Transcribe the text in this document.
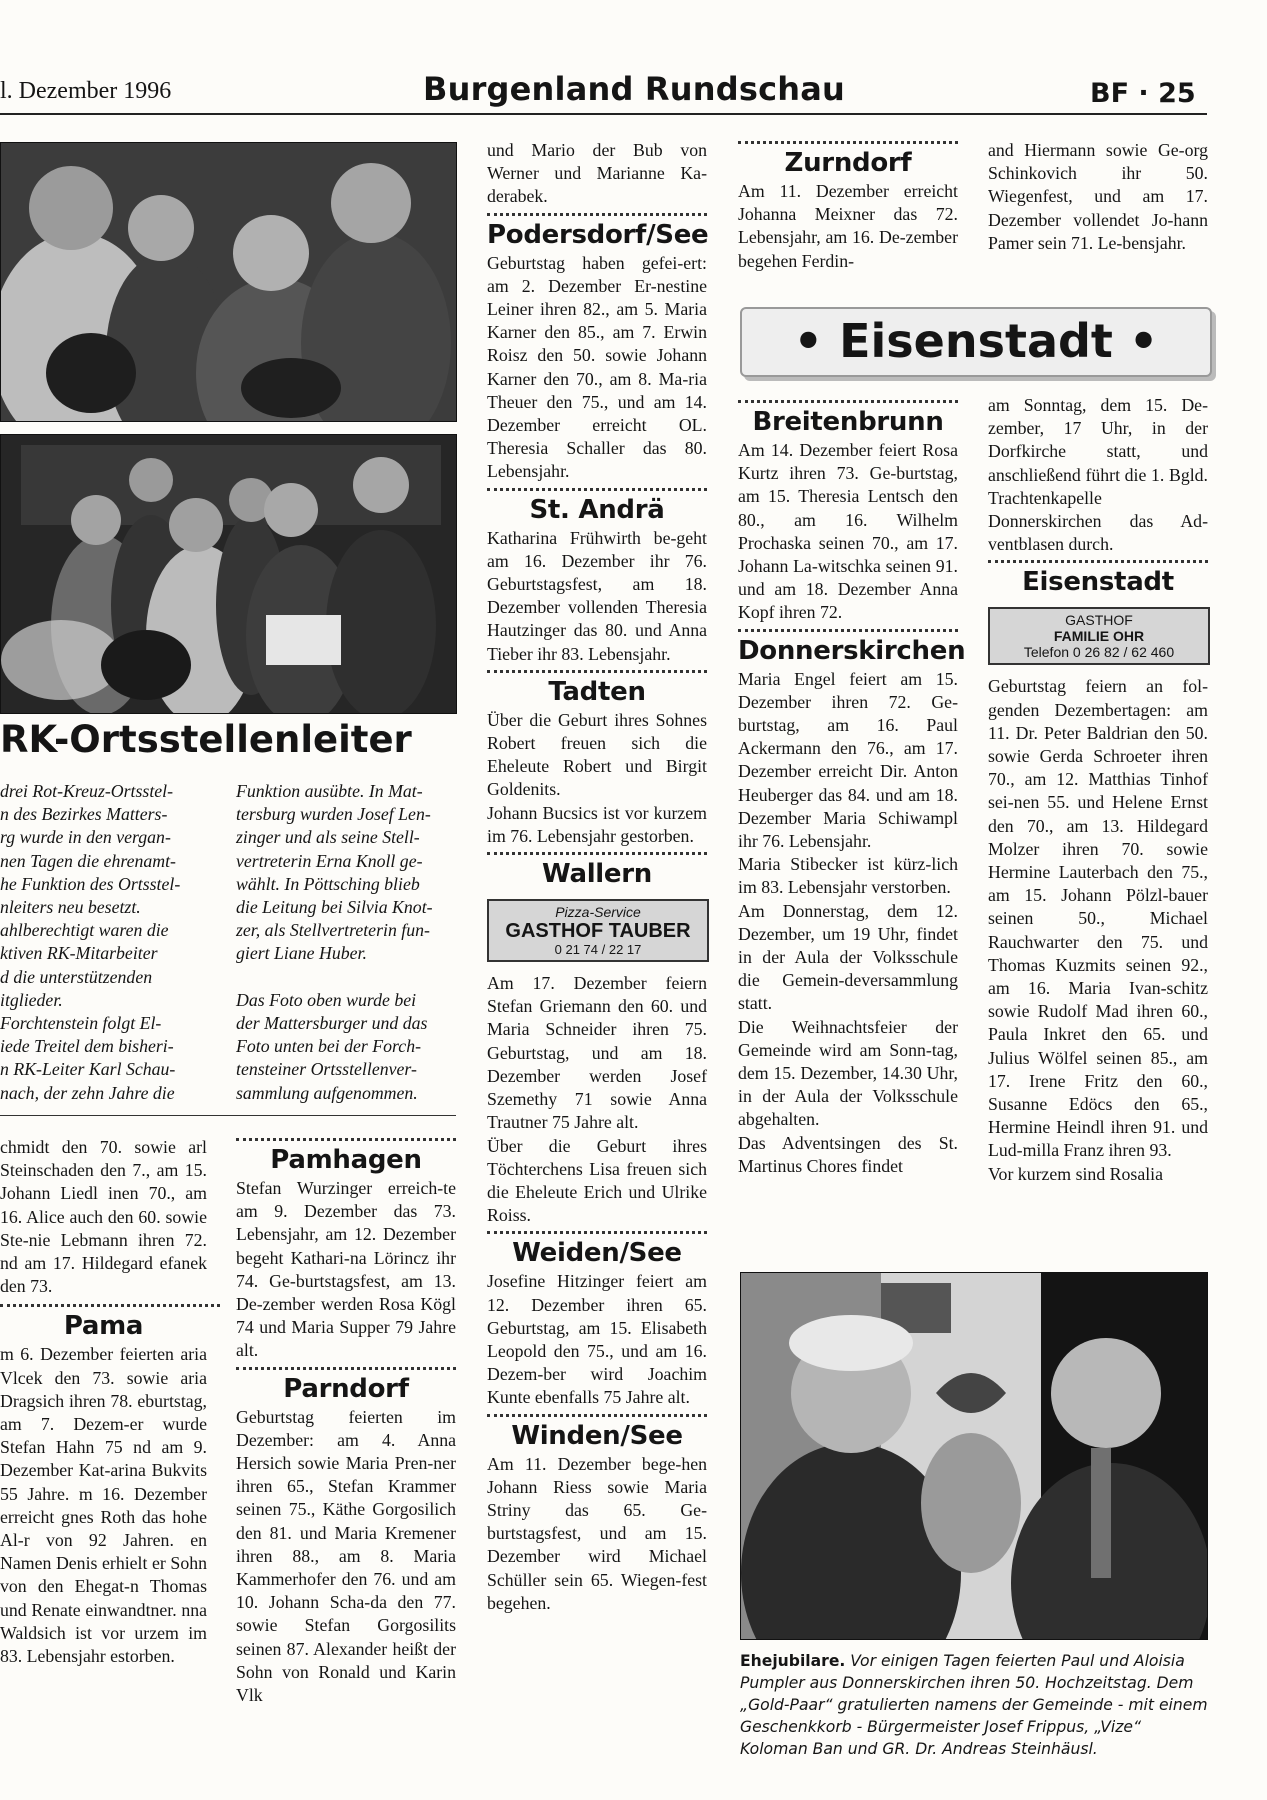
l. Dezember 1996	Burgenland Rundschau	BF · 25
RK-Ortsstellenleiter

drei Rot-Kreuz-Ortsstel-

n des Bezirkes Matters-

rg wurde in den vergan-

nen Tagen die ehrenamt-

he Funktion des Ortsstel-

nleiters neu besetzt.

ahlberechtigt waren die

ktiven RK-Mitarbeiter

d die unterstützenden

itglieder.

Forchtenstein folgt El-

iede Treitel dem bisheri-

n RK-Leiter Karl Schau-

nach, der zehn Jahre die

Funktion ausübte. In Mat-

tersburg wurden Josef Len-

zinger und als seine Stell-

vertreterin Erna Knoll ge-

wählt. In Pöttsching blieb

die Leitung bei Silvia Knot-

zer, als Stellvertreterin fun-

giert Liane Huber.

Das Foto oben wurde bei

der Mattersburger und das

Foto unten bei der Forch-

tensteiner Ortsstellenver-

sammlung aufgenommen.

chmidt den 70. sowie arl Steinschaden den 7., am 15. Johann Liedl inen 70., am 16. Alice auch den 60. sowie Ste-nie Lebmann ihren 72. nd am 17. Hildegard efanek den 73.

Pama

m 6. Dezember feierten aria Vlcek den 73. sowie aria Dragsich ihren 78. eburtstag, am 7. Dezem-er wurde Stefan Hahn 75 nd am 9. Dezember Kat-arina Bukvits 55 Jahre. m 16. Dezember erreicht gnes Roth das hohe Al-r von 92 Jahren. en Namen Denis erhielt er Sohn von den Ehegat-n Thomas und Renate einwandtner. nna Waldsich ist vor urzem im 83. Lebensjahr estorben.

Pamhagen

Stefan Wurzinger erreich-te am 9. Dezember das 73. Lebensjahr, am 12. Dezember begeht Kathari-na Lörincz ihr 74. Ge-burtstagsfest, am 13. De-zember werden Rosa Kögl 74 und Maria Supper 79 Jahre alt.

Parndorf

Geburtstag feierten im Dezember: am 4. Anna Hersich sowie Maria Pren-ner ihren 65., Stefan Krammer seinen 75., Käthe Gorgosilich den 81. und Maria Kremener ihren 88., am 8. Maria Kammerhofer den 76. und am 10. Johann Scha-da den 77. sowie Stefan Gorgosilits seinen 87. Alexander heißt der Sohn von Ronald und Karin Vlk

und Mario der Bub von Werner und Marianne Ka-derabek.

Podersdorf/See

Geburtstag haben gefei-ert: am 2. Dezember Er-nestine Leiner ihren 82., am 5. Maria Karner den 85., am 7. Erwin Roisz den 50. sowie Johann Karner den 70., am 8. Ma-ria Theuer den 75., und am 14. Dezember erreicht OL. Theresia Schaller das 80. Lebensjahr.

St. Andrä

Katharina Frühwirth be-geht am 16. Dezember ihr 76. Geburtstagsfest, am 18. Dezember vollenden Theresia Hautzinger das 80. und Anna Tieber ihr 83. Lebensjahr.

Tadten

Über die Geburt ihres Sohnes Robert freuen sich die Eheleute Robert und Birgit Goldenits.

Johann Bucsics ist vor kurzem im 76. Lebensjahr gestorben.

Wallern
Pizza-Service
GASTHOF TAUBER
0 21 74 / 22 17

Am 17. Dezember feiern Stefan Griemann den 60. und Maria Schneider ihren 75. Geburtstag, und am 18. Dezember werden Josef Szemethy 71 sowie Anna Trautner 75 Jahre alt.

Über die Geburt ihres Töchterchens Lisa freuen sich die Eheleute Erich und Ulrike Roiss.

Weiden/See

Josefine Hitzinger feiert am 12. Dezember ihren 65. Geburtstag, am 15. Elisabeth Leopold den 75., und am 16. Dezem-ber wird Joachim Kunte ebenfalls 75 Jahre alt.

Winden/See

Am 11. Dezember bege-hen Johann Riess sowie Maria Striny das 65. Ge-burtstagsfest, und am 15. Dezember wird Michael Schüller sein 65. Wiegen-fest begehen.

Zurndorf

Am 11. Dezember erreicht Johanna Meixner das 72. Lebensjahr, am 16. De-zember begehen Ferdin-

and Hiermann sowie Ge-org Schinkovich ihr 50. Wiegenfest, und am 17. Dezember vollendet Jo-hann Pamer sein 71. Le-bensjahr.

• Eisenstadt •
Breitenbrunn

Am 14. Dezember feiert Rosa Kurtz ihren 73. Ge-burtstag, am 15. Theresia Lentsch den 80., am 16. Wilhelm Prochaska seinen 70., am 17. Johann La-witschka seinen 91. und am 18. Dezember Anna Kopf ihren 72.

Donnerskirchen

Maria Engel feiert am 15. Dezember ihren 72. Ge-burtstag, am 16. Paul Ackermann den 76., am 17. Dezember erreicht Dir. Anton Heuberger das 84. und am 18. Dezember Maria Schiwampl ihr 76. Lebensjahr.

Maria Stibecker ist kürz-lich im 83. Lebensjahr verstorben.

Am Donnerstag, dem 12. Dezember, um 19 Uhr, findet in der Aula der Volksschule die Gemein-deversammlung statt.

Die Weihnachtsfeier der Gemeinde wird am Sonn-tag, dem 15. Dezember, 14.30 Uhr, in der Aula der Volksschule abgehalten.

Das Adventsingen des St. Martinus Chores findet

am Sonntag, dem 15. De-zember, 17 Uhr, in der Dorfkirche statt, und anschließend führt die 1. Bgld. Trachtenkapelle Donnerskirchen das Ad-ventblasen durch.

Eisenstadt
GASTHOF
FAMILIE OHR
Telefon 0 26 82 / 62 460

Geburtstag feiern an fol-genden Dezembertagen: am 11. Dr. Peter Baldrian den 50. sowie Gerda Schroeter ihren 70., am 12. Matthias Tinhof sei-nen 55. und Helene Ernst den 70., am 13. Hildegard Molzer ihren 70. sowie Hermine Lauterbach den 75., am 15. Johann Pölzl-bauer seinen 50., Michael Rauchwarter den 75. und Thomas Kuzmits seinen 92., am 16. Maria Ivan-schitz sowie Rudolf Mad ihren 60., Paula Inkret den 65. und Julius Wölfel seinen 85., am 17. Irene Fritz den 60., Susanne Edöcs den 65., Hermine Heindl ihren 91. und Lud-milla Franz ihren 93.

Vor kurzem sind Rosalia

Ehejubilare. Vor einigen Tagen feierten Paul und Aloisia Pumpler aus Donnerskirchen ihren 50. Hochzeitstag. Dem „Gold-Paar“ gratulierten namens der Gemeinde - mit einem Geschenkkorb - Bürgermeister Josef Frippus, „Vize“ Koloman Ban und GR. Dr. Andreas Steinhäusl.
